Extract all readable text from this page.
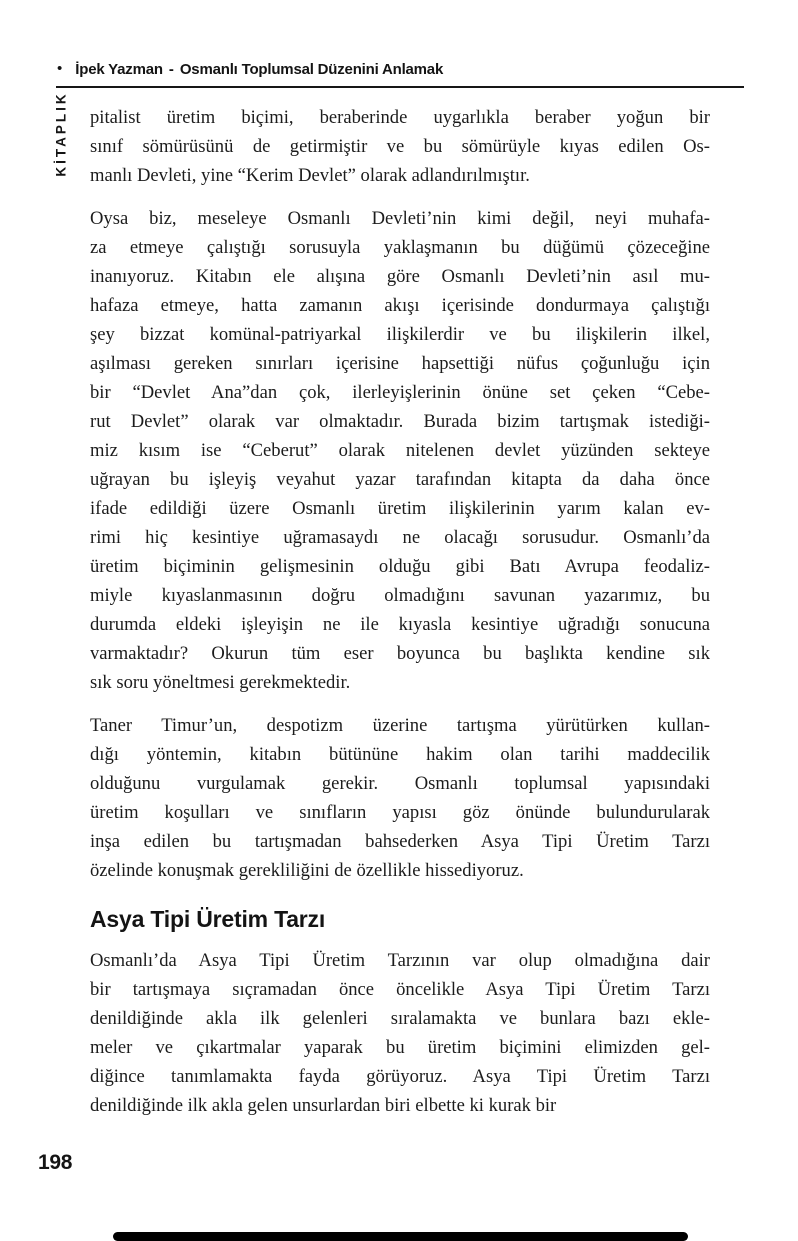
• İpek Yazman - Osmanlı Toplumsal Düzenini Anlamak
KİTAPLIK pitalist üretim biçimi, beraberinde uygarlıkla beraber yoğun bir
sınıf sömürüsünü de getirmiştir ve bu sömürüyle kıyas edilen Os-
manlı Devleti, yine “Kerim Devlet” olarak adlandırılmıştır.
Oysa biz, meseleye Osmanlı Devleti’nin kimi değil, neyi muhafa-
za etmeye çalıştığı sorusuyla yaklaşmanın bu düğümü çözeceğine
inanıyoruz. Kitabın ele alışına göre Osmanlı Devleti’nin asıl mu-
hafaza etmeye, hatta zamanın akışı içerisinde dondurmaya çalıştığı
şey bizzat komünal-patriyarkal ilişkilerdir ve bu ilişkilerin ilkel,
aşılması gereken sınırları içerisine hapsettiği nüfus çoğunluğu için
bir “Devlet Ana”dan çok, ilerleyişlerinin önüne set çeken “Cebe-
rut Devlet” olarak var olmaktadır. Burada bizim tartışmak istediği-
miz kısım ise “Ceberut” olarak nitelenen devlet yüzünden sekteye
uğrayan bu işleyiş veyahut yazar tarafından kitapta da daha önce
ifade edildiği üzere Osmanlı üretim ilişkilerinin yarım kalan ev-
rimi hiç kesintiye uğramasaydı ne olacağı sorusudur. Osmanlı’da
üretim biçiminin gelişmesinin olduğu gibi Batı Avrupa feodaliz-
miyle kıyaslanmasının doğru olmadığını savunan yazarımız, bu
durumda eldeki işleyişin ne ile kıyasla kesintiye uğradığı sonucuna
varmaktadır? Okurun tüm eser boyunca bu başlıkta kendine sık
sık soru yöneltmesi gerekmektedir.
Taner Timur’un, despotizm üzerine tartışma yürütürken kullan-
dığı yöntemin, kitabın bütününe hakim olan tarihi maddecilik
olduğunu vurgulamak gerekir. Osmanlı toplumsal yapısındaki
üretim koşulları ve sınıfların yapısı göz önünde bulundurularak
inşa edilen bu tartışmadan bahsederken Asya Tipi Üretim Tarzı
özelinde konuşmak gerekliliğini de özellikle hissediyoruz.
Asya Tipi Üretim Tarzı
Osmanlı’da Asya Tipi Üretim Tarzının var olup olmadığına dair
bir tartışmaya sıçramadan önce öncelikle Asya Tipi Üretim Tarzı
denildiğinde akla ilk gelenleri sıralamakta ve bunlara bazı ekle-
meler ve çıkartmalar yaparak bu üretim biçimini elimizden gel-
diğince tanımlamakta fayda görüyoruz. Asya Tipi Üretim Tarzı
denildiğinde ilk akla gelen unsurlardan biri elbette ki kurak bir
198
